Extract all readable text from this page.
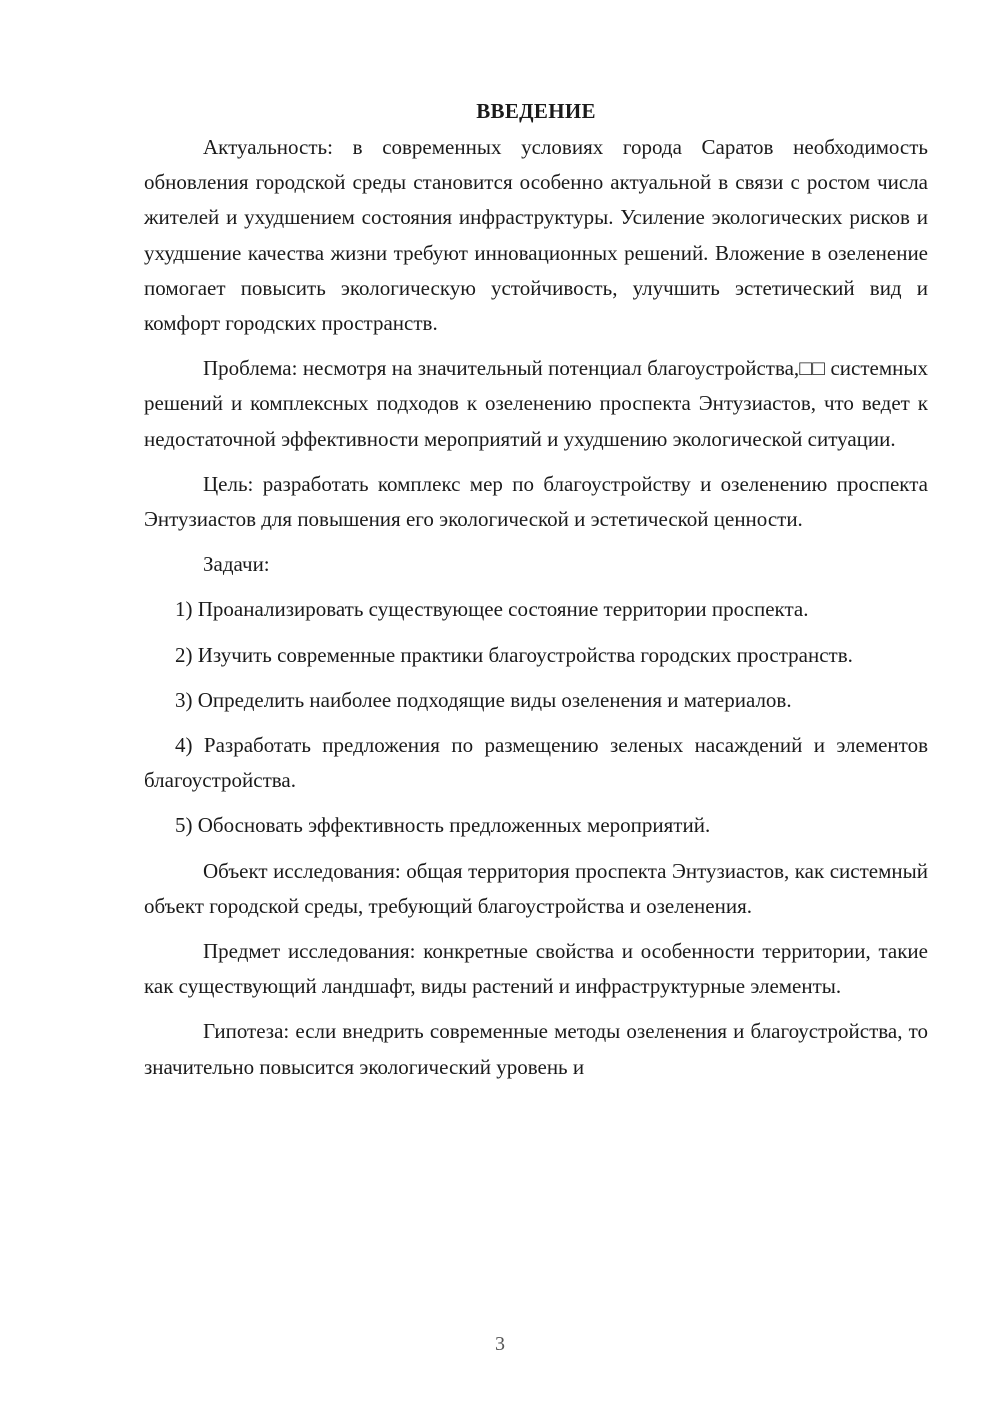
ВВЕДЕНИЕ

Актуальность: в современных условиях города Саратов необходимость обновления городской среды становится особенно актуальной в связи с ростом числа жителей и ухудшением состояния инфраструктуры. Усиление экологических рисков и ухудшение качества жизни требуют инновационных решений. Вложение в озеленение помогает повысить экологическую устойчивость, улучшить эстетический вид и комфорт городских пространств.

Проблема: несмотря на значительный потенциал благоустройства,□□ системных решений и комплексных подходов к озеленению проспекта Энтузиастов, что ведет к недостаточной эффективности мероприятий и ухудшению экологической ситуации.

Цель: разработать комплекс мер по благоустройству и озеленению проспекта Энтузиастов для повышения его экологической и эстетической ценности.

Задачи:

1) Проанализировать существующее состояние территории проспекта.

2) Изучить современные практики благоустройства городских пространств.

3) Определить наиболее подходящие виды озеленения и материалов.

4) Разработать предложения по размещению зеленых насаждений и элементов благоустройства.

5) Обосновать эффективность предложенных мероприятий.

Объект исследования: общая территория проспекта Энтузиастов, как системный объект городской среды, требующий благоустройства и озеленения.

Предмет исследования: конкретные свойства и особенности территории, такие как существующий ландшафт, виды растений и инфраструктурные элементы.

Гипотеза: если внедрить современные методы озеленения и благоустройства, то значительно повысится экологический уровень и

3
